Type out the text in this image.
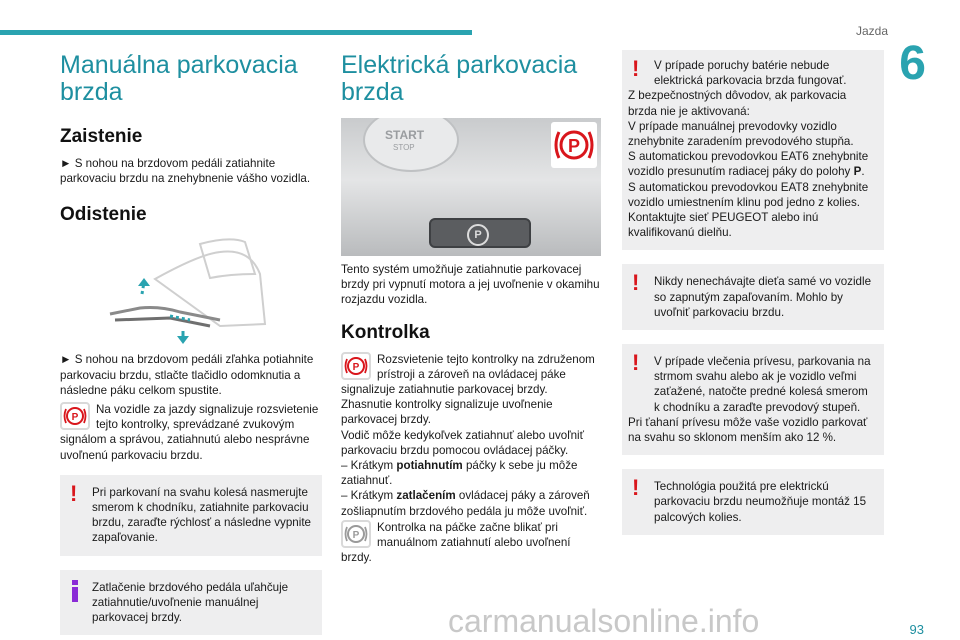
Jazda
6
Manuálna parkovacia brzda
Zaistenie

► S nohou na brzdovom pedáli zatiahnite parkovaciu brzdu na znehybnenie vášho vozidla.

Odistenie

► S nohou na brzdovom pedáli zľahka potiahnite parkovaciu brzdu, stlačte tlačidlo odomknutia a následne páku celkom spustite.

P

Na vozidle za jazdy signalizuje rozsvietenie tejto kontrolky, sprevádzané zvukovým signálom a správou, zatiahnutú alebo nesprávne uvoľnenú parkovaciu brzdu.

!	Pri parkovaní na svahu kolesá nasmerujte smerom k chodníku, zatiahnite parkovaciu brzdu, zaraďte rýchlosť a následne vypnite zapaľovanie.
Zatlačenie brzdového pedála uľahčuje zatiahnutie/uvoľnenie manuálnej parkovacej brzdy.
Elektrická parkovacia brzda
START
STOP
P
P

Tento systém umožňuje zatiahnutie parkovacej brzdy pri vypnutí motora a jej uvoľnenie v okamihu rozjazdu vozidla.

Kontrolka
P

Rozsvietenie tejto kontrolky na združenom prístroji a zároveň na ovládacej páke signalizuje zatiahnutie parkovacej brzdy.

Zhasnutie kontrolky signalizuje uvoľnenie parkovacej brzdy.

Vodič môže kedykoľvek zatiahnuť alebo uvoľniť parkovaciu brzdu pomocou ovládacej páčky.

– Krátkym potiahnutím páčky k sebe ju môže zatiahnuť.

– Krátkym zatlačením ovládacej páky a zároveň zošliapnutím brzdového pedála ju môže uvoľniť.

P

Kontrolka na páčke začne blikať pri manuálnom zatiahnutí alebo uvoľnení brzdy.

!	V prípade poruchy batérie nebude elektrická parkovacia brzda fungovať.
Z bezpečnostných dôvodov, ak parkovacia brzda nie je aktivovaná:
V prípade manuálnej prevodovky vozidlo znehybnite zaradením prevodového stupňa.
S automatickou prevodovkou EAT6 znehybnite vozidlo presunutím radiacej páky do polohy P.
S automatickou prevodovkou EAT8 znehybnite vozidlo umiestnením klinu pod jedno z kolies.
Kontaktujte sieť PEUGEOT alebo inú kvalifikovanú dielňu.
!	Nikdy nenechávajte dieťa samé vo vozidle so zapnutým zapaľovaním. Mohlo by uvoľniť parkovaciu brzdu.
!	V prípade vlečenia prívesu, parkovania na strmom svahu alebo ak je vozidlo veľmi zaťažené, natočte predné kolesá smerom k chodníku a zaraďte prevodový stupeň.
Pri ťahaní prívesu môže vaše vozidlo parkovať na svahu so sklonom menším ako 12 %.
!	Technológia použitá pre elektrickú parkovaciu brzdu neumožňuje montáž 15 palcových kolies.
carmanualsonline.info	93
